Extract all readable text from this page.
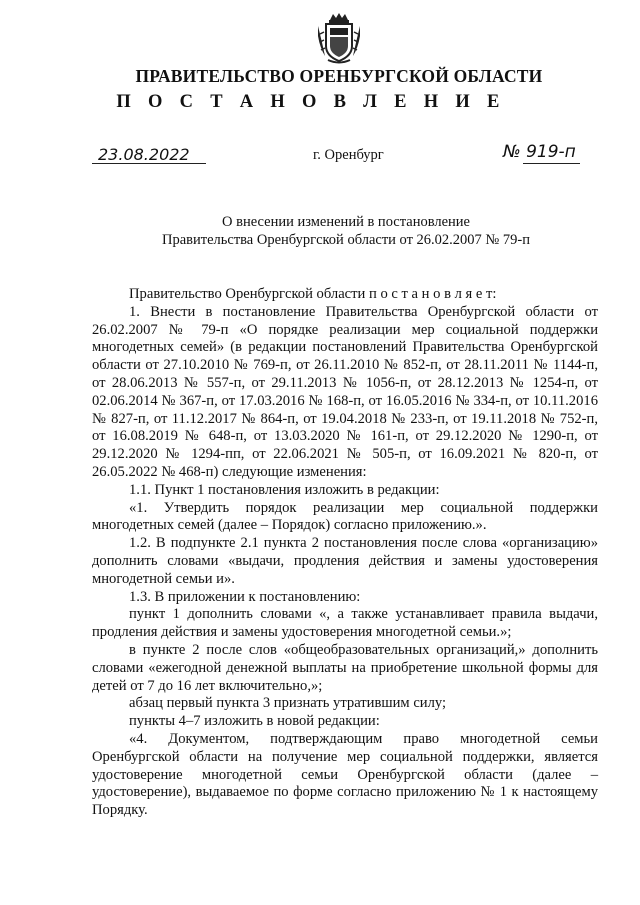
ПРАВИТЕЛЬСТВО ОРЕНБУРГСКОЙ ОБЛАСТИ
П О С Т А Н О В Л Е Н И Е
23.08.2022	г. Оренбург	№ 919-п
О внесении изменений в постановление
Правительства Оренбургской области от 26.02.2007 № 79-п

Правительство Оренбургской области п о с т а н о в л я е т:

1. Внести в постановление Правительства Оренбургской области от 26.02.2007 № 79-п «О порядке реализации мер социальной поддержки многодетных семей» (в редакции постановлений Правительства Оренбургской области от 27.10.2010 № 769-п, от 26.11.2010 № 852-п, от 28.11.2011 № 1144-п, от 28.06.2013 № 557-п, от 29.11.2013 № 1056-п, от 28.12.2013 № 1254-п, от 02.06.2014 № 367-п, от 17.03.2016 № 168-п, от 16.05.2016 № 334-п, от 10.11.2016 № 827-п, от 11.12.2017 № 864-п, от 19.04.2018 № 233-п, от 19.11.2018 № 752-п, от 16.08.2019 № 648-п, от 13.03.2020 № 161-п, от 29.12.2020 № 1290-п, от 29.12.2020 № 1294-пп, от 22.06.2021 № 505-п, от 16.09.2021 № 820-п, от 26.05.2022 № 468-п) следующие изменения:

1.1. Пункт 1 постановления изложить в редакции:

«1. Утвердить порядок реализации мер социальной поддержки многодетных семей (далее – Порядок) согласно приложению.».

1.2. В подпункте 2.1 пункта 2 постановления после слова «организацию» дополнить словами «выдачи, продления действия и замены удостоверения многодетной семьи и».

1.3. В приложении к постановлению:

пункт 1 дополнить словами «, а также устанавливает правила выдачи, продления действия и замены удостоверения многодетной семьи.»;

в пункте 2 после слов «общеобразовательных организаций,» дополнить словами «ежегодной денежной выплаты на приобретение школьной формы для детей от 7 до 16 лет включительно,»;

абзац первый пункта 3 признать утратившим силу;

пункты 4–7 изложить в новой редакции:

«4. Документом, подтверждающим право многодетной семьи Оренбургской области на получение мер социальной поддержки, является удостоверение многодетной семьи Оренбургской области (далее – удостоверение), выдаваемое по форме согласно приложению № 1 к настоящему Порядку.
